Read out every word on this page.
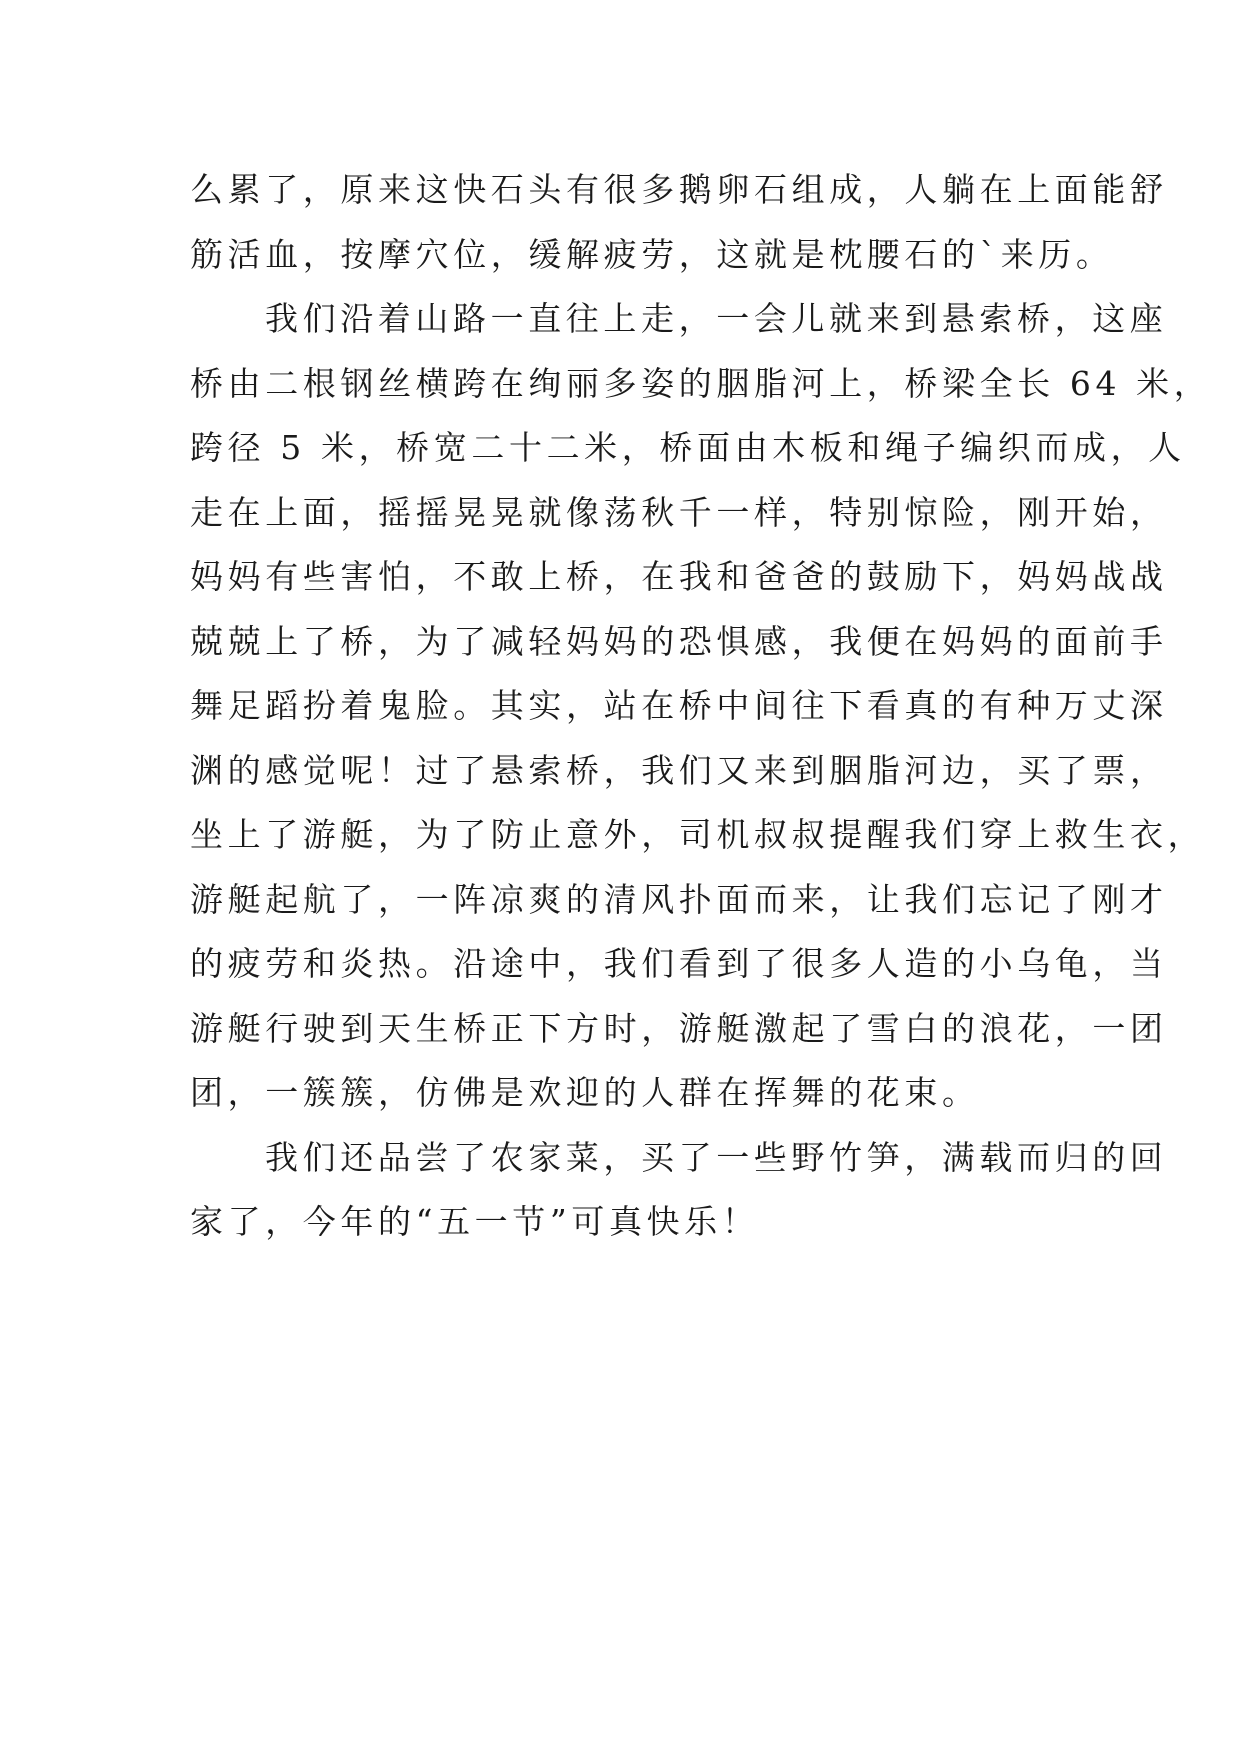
么累了，原来这快石头有很多鹅卵石组成，人躺在上面能舒
筋活血，按摩穴位，缓解疲劳，这就是枕腰石的`来历。
我们沿着山路一直往上走，一会儿就来到悬索桥，这座
桥由二根钢丝横跨在绚丽多姿的胭脂河上，桥梁全长 64 米，
跨径 5 米，桥宽二十二米，桥面由木板和绳子编织而成，人
走在上面，摇摇晃晃就像荡秋千一样，特别惊险，刚开始，
妈妈有些害怕，不敢上桥，在我和爸爸的鼓励下，妈妈战战
兢兢上了桥，为了减轻妈妈的恐惧感，我便在妈妈的面前手
舞足蹈扮着鬼脸。其实，站在桥中间往下看真的有种万丈深
渊的感觉呢！过了悬索桥，我们又来到胭脂河边，买了票，
坐上了游艇，为了防止意外，司机叔叔提醒我们穿上救生衣，
游艇起航了，一阵凉爽的清风扑面而来，让我们忘记了刚才
的疲劳和炎热。沿途中，我们看到了很多人造的小乌龟，当
游艇行驶到天生桥正下方时，游艇激起了雪白的浪花，一团
团，一簇簇，仿佛是欢迎的人群在挥舞的花束。
我们还品尝了农家菜，买了一些野竹笋，满载而归的回
家了，今年的“五一节”可真快乐！
